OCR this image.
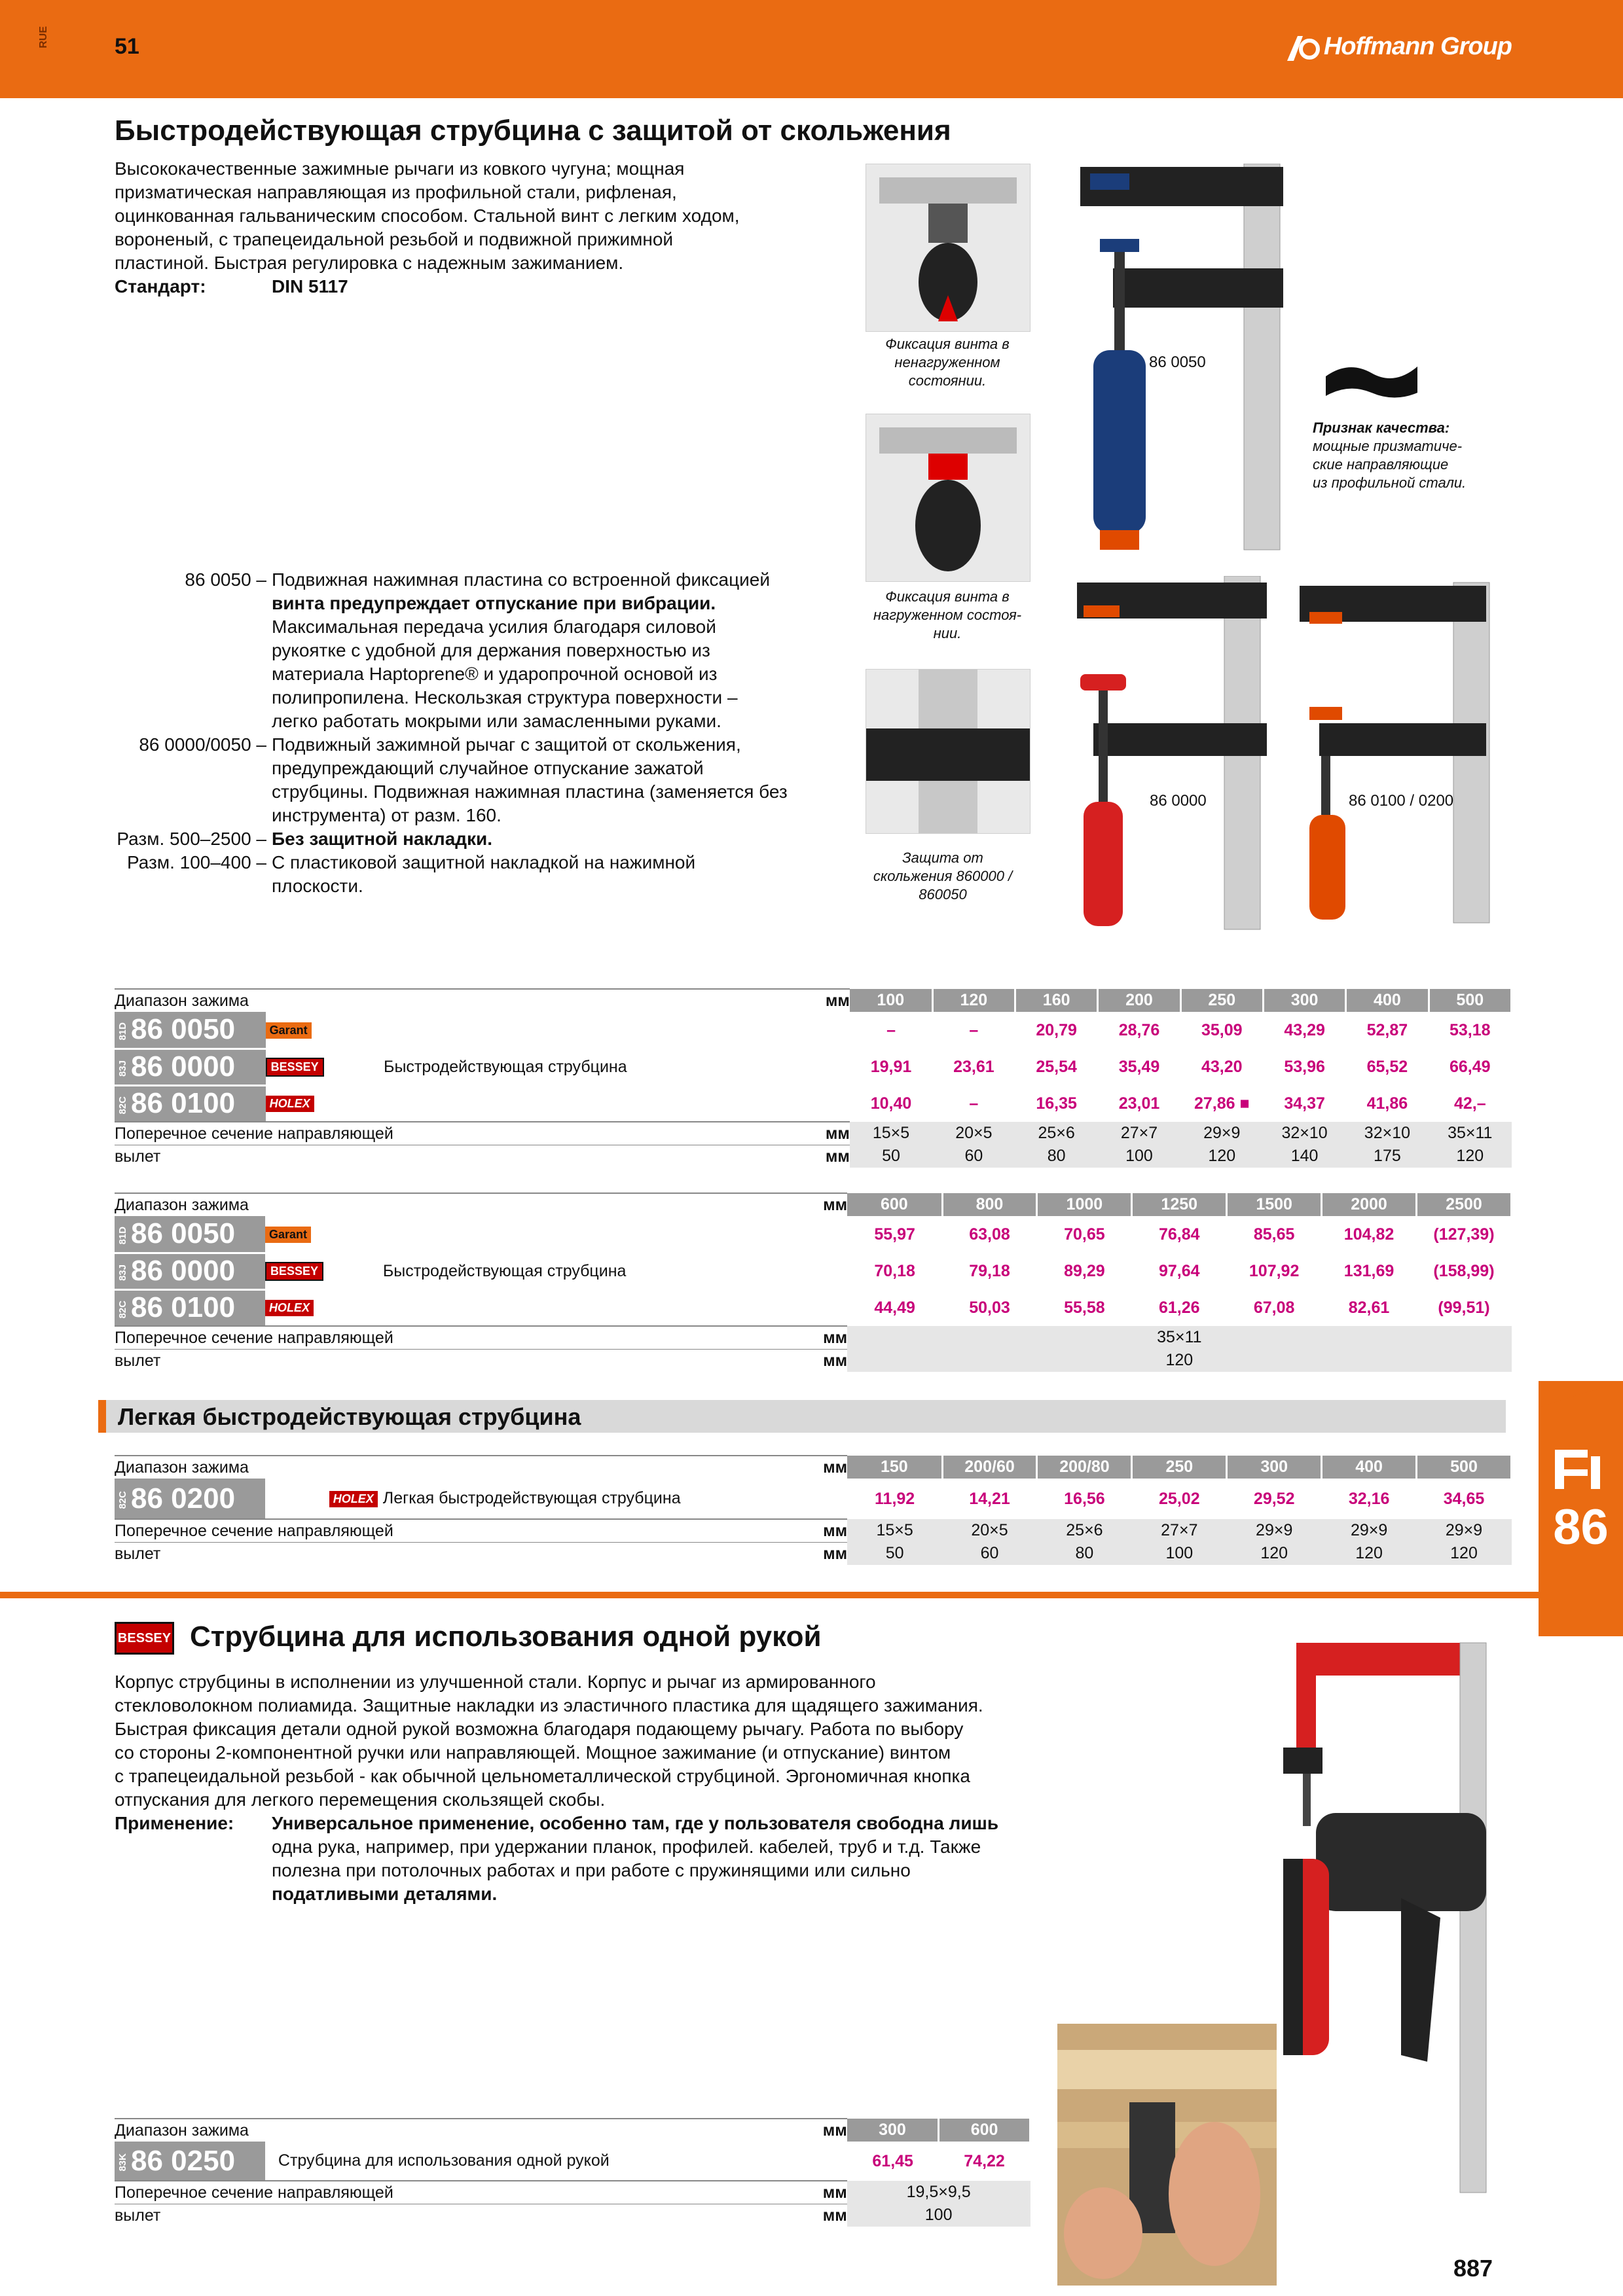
RUE	51	Hoffmann Group
Быстродействующая струбцина с защитой от скольжения
Высококачественные зажимные рычаги из ковкого чугуна; мощная
призматическая направляющая из профильной стали, рифленая,
оцинкованная гальваническим способом. Стальной винт с легким ходом,
вороненый, с трапецеидальной резьбой и подвижной прижимной
пластиной. Быстрая регулировка с надежным зажиманием.
Стандарт:	DIN 5117
86 0050 – Подвижная нажимная пластина со встроенной фиксацией
винта предупреждает отпускание при вибрации.
Максимальная передача усилия благодаря силовой
рукоятке с удобной для держания поверхностью из
материала Haptoprene® и ударопрочной основой из
полипропилена. Нескользкая структура поверхности –
легко работать мокрыми или замасленными руками.
86 0000/0050 – Подвижный зажимной рычаг с защитой от скольжения,
предупреждающий случайное отпускание зажатой
струбцины. Подвижная нажимная пластина (заменяется без
инструмента) от разм. 160.
Разм. 500–2500 – Без защитной накладки.
Разм. 100–400 – С пластиковой защитной накладкой на нажимной
плоскости.
Фиксация винта в
ненагруженном
состоянии.
Фиксация винта в
нагруженном состоя-
нии.
Защита от
скольжения 860000 /
860050
86 0050
Признак качества:
мощные призматиче-
ские направляющие
из профильной стали.
86 0000	86 0100 / 0200
Диапазон зажима			мм	100	120	160	200	250	300	400	500
81D86 0050	Garant			–	–	20,79	28,76	35,09	43,29	52,87	53,18
83J86 0000	BESSEY	Быстродействующая струбцина		19,91	23,61	25,54	35,49	43,20	53,96	65,52	66,49
82C86 0100	HOLEX			10,40	–	16,35	23,01	27,86 ■	34,37	41,86	42,–
Поперечное сечение направляющей			мм	15×5	20×5	25×6	27×7	29×9	32×10	32×10	35×11
вылет			мм	50	60	80	100	120	140	175	120
Диапазон зажима			мм	600	800	1000	1250	1500	2000	2500
81D86 0050	Garant			55,97	63,08	70,65	76,84	85,65	104,82	(127,39)
83J86 0000	BESSEY	Быстродействующая струбцина		70,18	79,18	89,29	97,64	107,92	131,69	(158,99)
82C86 0100	HOLEX			44,49	50,03	55,58	61,26	67,08	82,61	(99,51)
Поперечное сечение направляющей			мм	35×11						
вылет			мм	120						
Легкая быстродействующая струбцина
Диапазон зажима			мм	150	200/60	200/80	250	300	400	500
82C86 0200	HOLEX	Легкая быстродействующая струбцина		11,92	14,21	16,56	25,02	29,52	32,16	34,65
Поперечное сечение направляющей			мм	15×5	20×5	25×6	27×7	29×9	29×9	29×9
вылет			мм	50	60	80	100	120	120	120 86
BESSEY Струбцина для использования одной рукой
Корпус струбцины в исполнении из улучшенной стали. Корпус и рычаг из армированного
стекловолокном полиамида. Защитные накладки из эластичного пластика для щадящего зажимания.
Быстрая фиксация детали одной рукой возможна благодаря подающему рычагу. Работа по выбору
со стороны 2-компонентной ручки или направляющей. Мощное зажимание (и отпускание) винтом
с трапецеидальной резьбой - как обычной цельнометаллической струбциной. Эргономичная кнопка
отпускания для легкого перемещения скользящей скобы.
Применение:	Универсальное применение, особенно там, где у пользователя свободна лишь
одна рука, например, при удержании планок, профилей. кабелей, труб и т.д. Также
полезна при потолочных работах и при работе с пружинящими или сильно
податливыми деталями.
Диапазон зажима		мм	300	600
83K86 0250	Струбцина для использования одной рукой		61,45	74,22
Поперечное сечение направляющей		мм	19,5×9,5	
вылет		мм	100	
887
